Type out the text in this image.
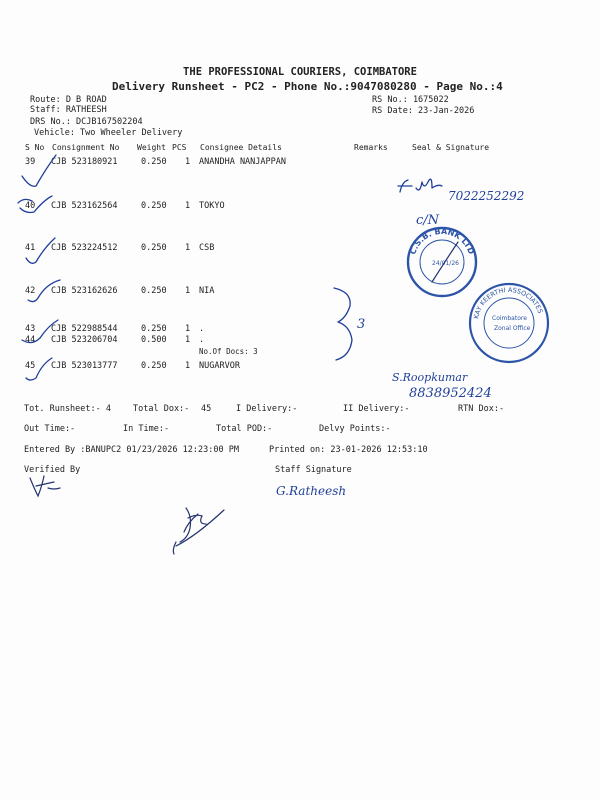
THE PROFESSIONAL COURIERS, COIMBATORE
Delivery Runsheet - PC2 - Phone No.:9047080280 - Page No.:4
Route: D B ROAD
Staff: RATHEESH
DRS No.: DCJB167502204
Vehicle: Two Wheeler Delivery
RS No.: 1675022
RS Date: 23-Jan-2026
S No Consignment No Weight PCS Consignee Details	Remarks	Seal & Signature
39 CJB 523180921	0.250 1 ANANDHA NANJAPPAN
40 CJB 523162564	0.250 1 TOKYO
41 CJB 523224512	0.250 1 CSB
42 CJB 523162626	0.250 1 NIA
43 CJB 522988544	0.250 1 .
44 CJB 523206704	0.500 1 .
No.Of Docs: 3
45 CJB 523013777	0.250 1 NUGARVOR
Tot. Runsheet:- 4	Total Dox:- 45	I Delivery:-	II Delivery:-	RTN Dox:-
Out Time:-	In Time:-	Total POD:-	Delvy Points:-
Entered By :BANUPC2 01/23/2026 12:23:00 PM	Printed on: 23-01-2026 12:53:10
Verified By	Staff Signature
3
7022252292
c/N
C.S.B. BANK LTD
24/01/26
KAY KEERTHI ASSOCIATES
Coimbatore
Zonal Office
S.Roopkumar
8838952424
G.Ratheesh
